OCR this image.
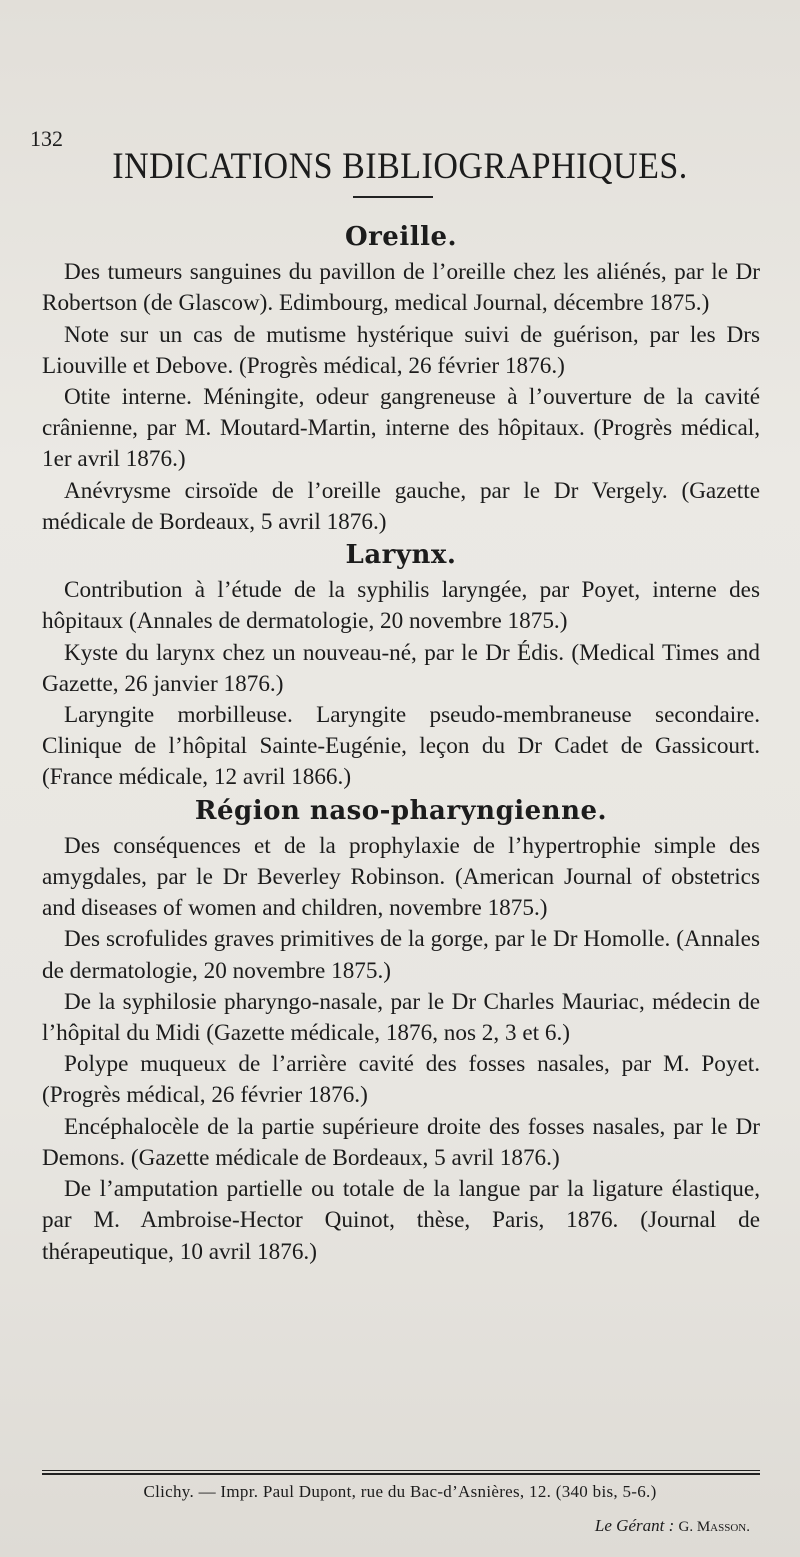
132
INDICATIONS BIBLIOGRAPHIQUES.
Oreille.

Des tumeurs sanguines du pavillon de l’oreille chez les aliénés, par le Dr Robertson (de Glascow). Edimbourg, medical Journal, décembre 1875.)

Note sur un cas de mutisme hystérique suivi de guérison, par les Drs Liouville et Debove. (Progrès médical, 26 février 1876.)

Otite interne. Méningite, odeur gangreneuse à l’ouverture de la cavité crânienne, par M. Moutard-Martin, interne des hôpitaux. (Progrès médical, 1er avril 1876.)

Anévrysme cirsoïde de l’oreille gauche, par le Dr Vergely. (Gazette médicale de Bordeaux, 5 avril 1876.)

Larynx.

Contribution à l’étude de la syphilis laryngée, par Poyet, interne des hôpitaux (Annales de dermatologie, 20 novembre 1875.)

Kyste du larynx chez un nouveau-né, par le Dr Édis. (Medical Times and Gazette, 26 janvier 1876.)

Laryngite morbilleuse. Laryngite pseudo-membraneuse secondaire. Clinique de l’hôpital Sainte-Eugénie, leçon du Dr Cadet de Gassicourt. (France médicale, 12 avril 1866.)

Région naso-pharyngienne.

Des conséquences et de la prophylaxie de l’hypertrophie simple des amygdales, par le Dr Beverley Robinson. (American Journal of obstetrics and diseases of women and children, novembre 1875.)

Des scrofulides graves primitives de la gorge, par le Dr Homolle. (Annales de dermatologie, 20 novembre 1875.)

De la syphilosie pharyngo-nasale, par le Dr Charles Mauriac, médecin de l’hôpital du Midi (Gazette médicale, 1876, nos 2, 3 et 6.)

Polype muqueux de l’arrière cavité des fosses nasales, par M. Poyet. (Progrès médical, 26 février 1876.)

Encéphalocèle de la partie supérieure droite des fosses nasales, par le Dr Demons. (Gazette médicale de Bordeaux, 5 avril 1876.)

De l’amputation partielle ou totale de la langue par la ligature élastique, par M. Ambroise-Hector Quinot, thèse, Paris, 1876. (Journal de thérapeutique, 10 avril 1876.)

Clichy. — Impr. Paul Dupont, rue du Bac-d’Asnières, 12. (340 bis, 5-6.)
Le Gérant : G. Masson.
